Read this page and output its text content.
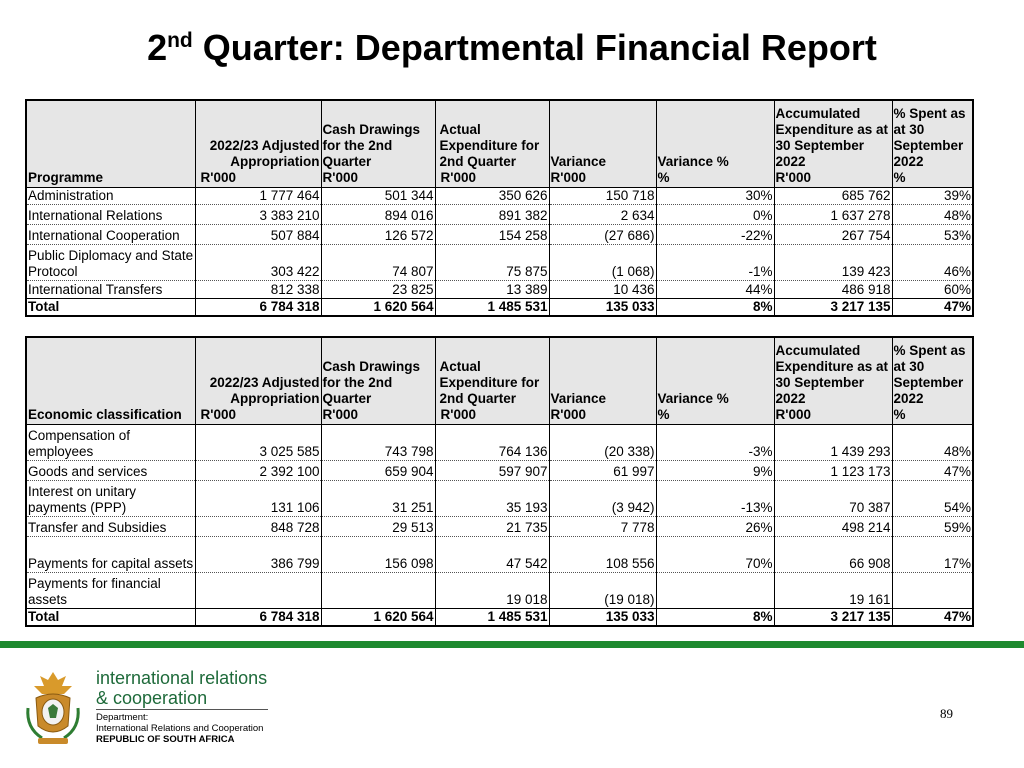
2nd Quarter: Departmental Financial Report
	2022/23 Adjusted Appropriation	Cash Drawings for the 2nd Quarter	Actual Expenditure for 2nd Quarter	Variance	Variance %	Accumulated Expenditure as at 30 September 2022	% Spent as at 30 September 2022
Programme	R'000	R'000	R'000	R'000	%	R'000	%
Administration	1 777 464	501 344	350 626	150 718	30%	685 762	39%
International Relations	3 383 210	894 016	891 382	2 634	0%	1 637 278	48%
International Cooperation	507 884	126 572	154 258	(27 686)	-22%	267 754	53%
Public Diplomacy and State Protocol	303 422	74 807	75 875	(1 068)	-1%	139 423	46%
International Transfers	812 338	23 825	13 389	10 436	44%	486 918	60%
Total	6 784 318	1 620 564	1 485 531	135 033	8%	3 217 135	47%
	2022/23 Adjusted Appropriation	Cash Drawings for the 2nd Quarter	Actual Expenditure for 2nd Quarter	Variance	Variance %	Accumulated Expenditure as at 30 September 2022	% Spent as at 30 September 2022
Economic classification	R'000	R'000	R'000	R'000	%	R'000	%
Compensation of employees	3 025 585	743 798	764 136	(20 338)	-3%	1 439 293	48%
Goods and services	2 392 100	659 904	597 907	61 997	9%	1 123 173	47%
Interest on unitary payments (PPP)	131 106	31 251	35 193	(3 942)	-13%	70 387	54%
Transfer and Subsidies	848 728	29 513	21 735	7 778	26%	498 214	59%
Payments for capital assets	386 799	156 098	47 542	108 556	70%	66 908	17%
Payments for financial assets			19 018	(19 018)		19 161	
Total	6 784 318	1 620 564	1 485 531	135 033	8%	3 217 135	47%
international relations
& cooperation
Department:
International Relations and Cooperation
REPUBLIC OF SOUTH AFRICA
89
